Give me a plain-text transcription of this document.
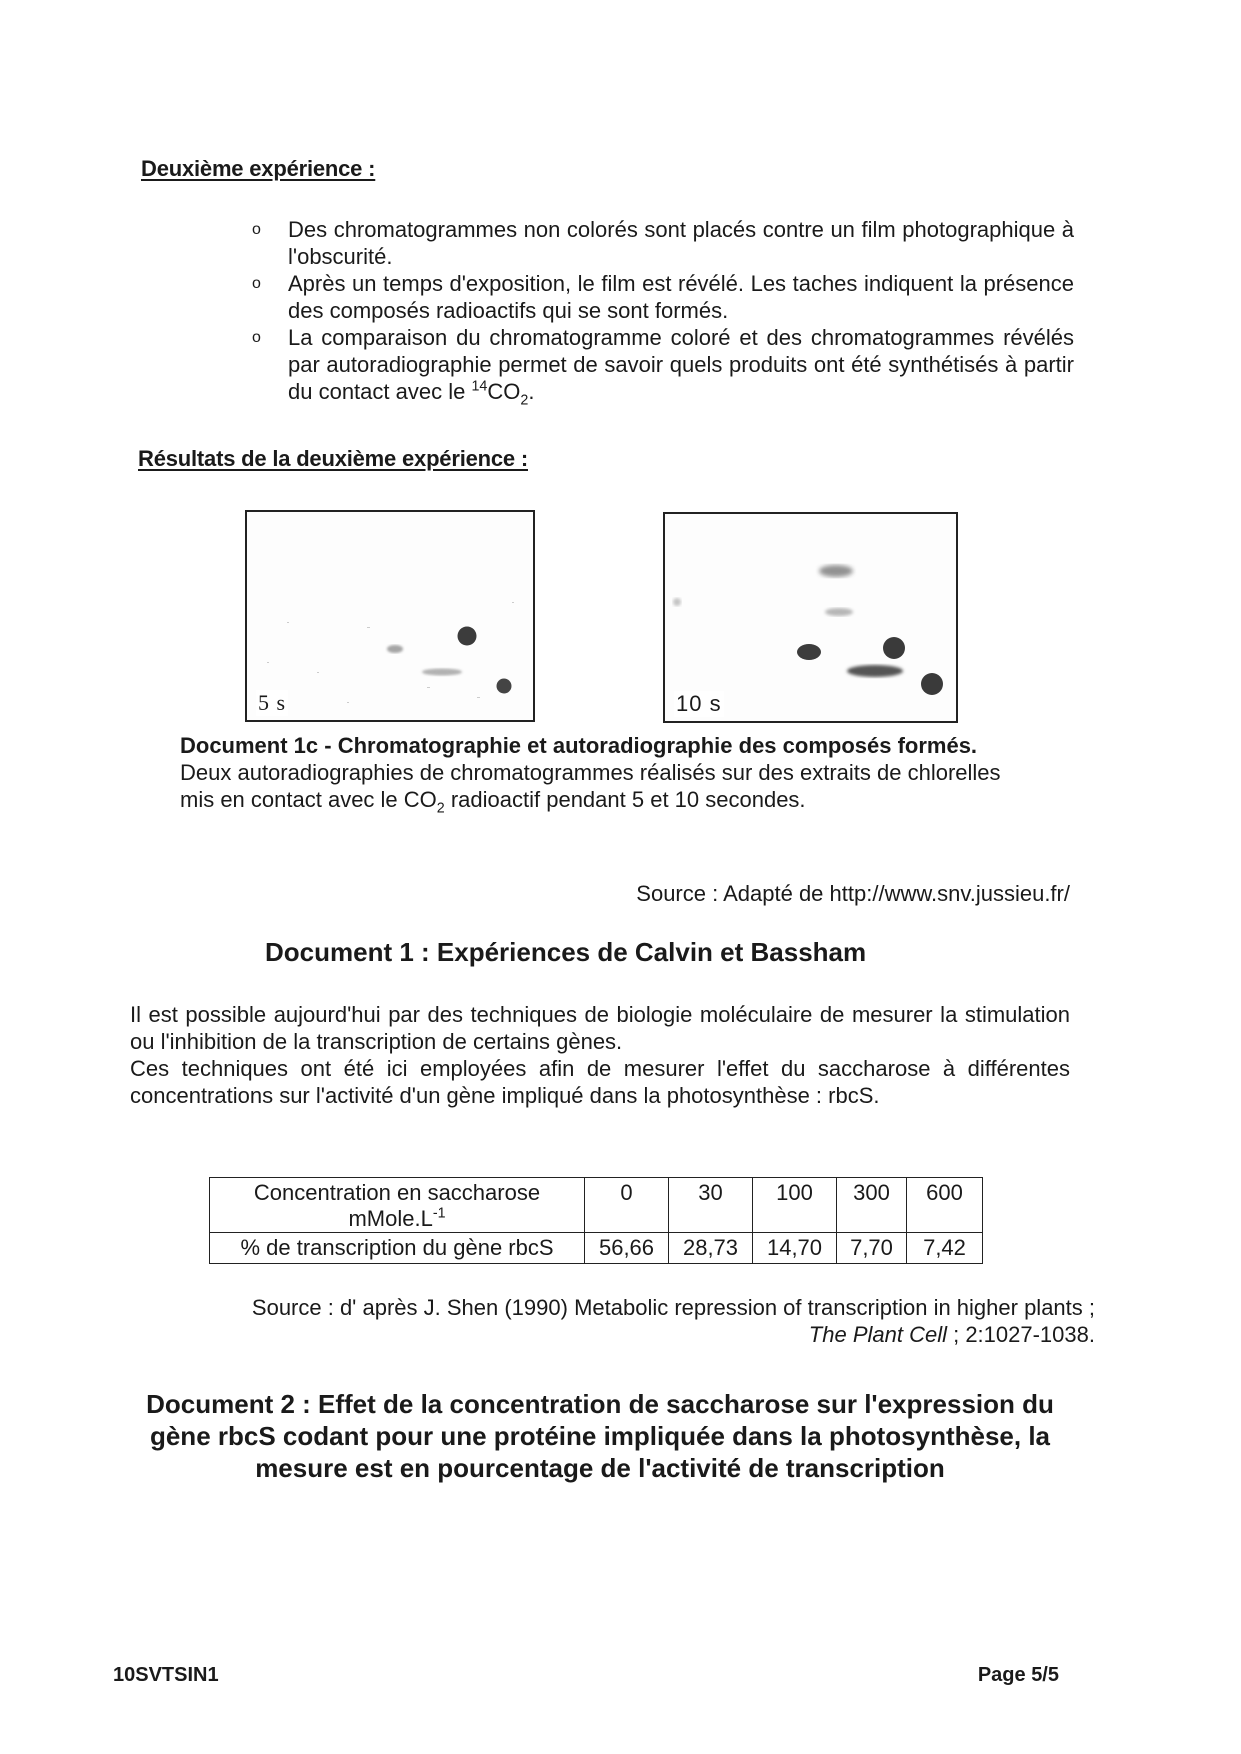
Deuxième expérience :
o Des chromatogrammes non colorés sont placés contre un film photographique à l'obscurité.
o Après un temps d'exposition, le film est révélé. Les taches indiquent la présence des composés radioactifs qui se sont formés.
o La comparaison du chromatogramme coloré et des chromatogrammes révélés par autoradiographie permet de savoir quels produits ont été synthétisés à partir du contact avec le $^{14}CO_2$.
Résultats de la deuxième expérience :
5 s	10 s
Document 1c - Chromatographie et autoradiographie des composés formés.
Deux autoradiographies de chromatogrammes réalisés sur des extraits de chlorelles mis en contact avec le $CO_2$ radioactif pendant 5 et 10 secondes.
Source : Adapté de http://www.snv.jussieu.fr/
Document 1 : Expériences de Calvin et Bassham
Il est possible aujourd'hui par des techniques de biologie moléculaire de mesurer la stimulation ou l'inhibition de la transcription de certains gènes.
Ces techniques ont été ici employées afin de mesurer l'effet du saccharose à différentes concentrations sur l'activité d'un gène impliqué dans la photosynthèse : rbcS.
Concentration en saccharose
$mMole.L^{-1}$	0	30	100	300	600
% de transcription du gène rbcS	56,66	28,73	14,70	7,70	7,42
Source : d' après J. Shen (1990) Metabolic repression of transcription in higher plants ;
The Plant Cell ; 2:1027-1038.
Document 2 : Effet de la concentration de saccharose sur l'expression du gène rbcS codant pour une protéine impliquée dans la photosynthèse, la mesure est en pourcentage de l'activité de transcription
10SVTSIN1	Page 5/5
